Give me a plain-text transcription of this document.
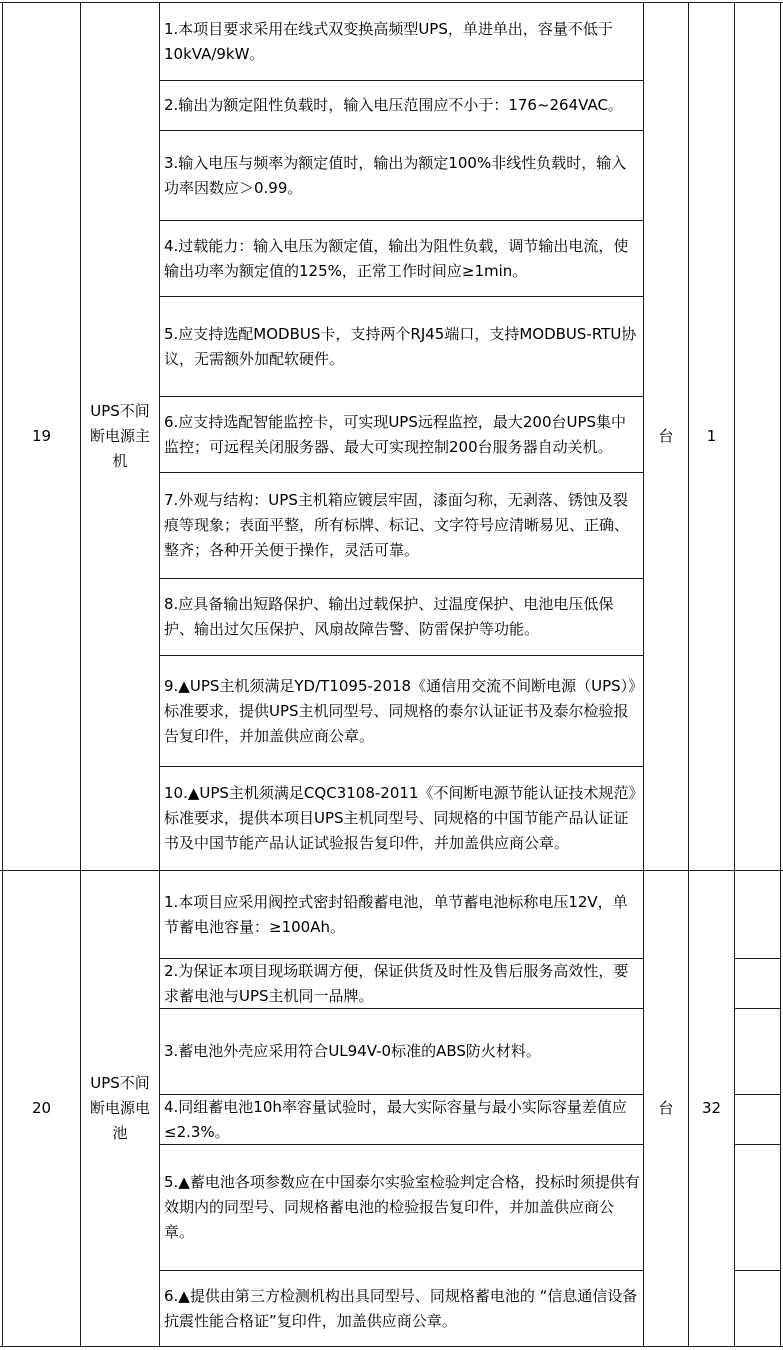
19
UPS不间断电源主机
台 1
1.本项目要求采用在线式双变换高频型UPS，单进单出，容量不低于10kVA/9kW。
2.输出为额定阻性负载时，输入电压范围应不小于：176~264VAC。
3.输入电压与频率为额定值时，输出为额定100%非线性负载时，输入功率因数应＞0.99。
4.过载能力：输入电压为额定值，输出为阻性负载，调节输出电流，使输出功率为额定值的125%，正常工作时间应≥1min。
5.应支持选配MODBUS卡，支持两个RJ45端口，支持MODBUS-RTU协议，无需额外加配软硬件。
6.应支持选配智能监控卡，可实现UPS远程监控，最大200台UPS集中监控；可远程关闭服务器、最大可实现控制200台服务器自动关机。
7.外观与结构：UPS主机箱应镀层牢固，漆面匀称，无剥落、锈蚀及裂痕等现象；表面平整，所有标牌、标记、文字符号应清晰易见、正确、整齐；各种开关便于操作，灵活可靠。
8.应具备输出短路保护、输出过载保护、过温度保护、电池电压低保护、输出过欠压保护、风扇故障告警、防雷保护等功能。
9.▲UPS主机须满足YD/T1095-2018《通信用交流不间断电源（UPS）》标准要求，提供UPS主机同型号、同规格的泰尔认证证书及泰尔检验报告复印件，并加盖供应商公章。
10.▲UPS主机须满足CQC3108-2011《不间断电源节能认证技术规范》标准要求，提供本项目UPS主机同型号、同规格的中国节能产品认证证书及中国节能产品认证试验报告复印件，并加盖供应商公章。
20
UPS不间断电源电池
台 32
1.本项目应采用阀控式密封铅酸蓄电池，单节蓄电池标称电压12V，单节蓄电池容量：≥100Ah。
2.为保证本项目现场联调方便，保证供货及时性及售后服务高效性，要求蓄电池与UPS主机同一品牌。
3.蓄电池外壳应采用符合UL94V-0标准的ABS防火材料。
4.同组蓄电池10h率容量试验时，最大实际容量与最小实际容量差值应≤2.3%。
5.▲蓄电池各项参数应在中国泰尔实验室检验判定合格，投标时须提供有效期内的同型号、同规格蓄电池的检验报告复印件，并加盖供应商公章。
6.▲提供由第三方检测机构出具同型号、同规格蓄电池的 “信息通信设备抗震性能合格证”复印件，加盖供应商公章。
